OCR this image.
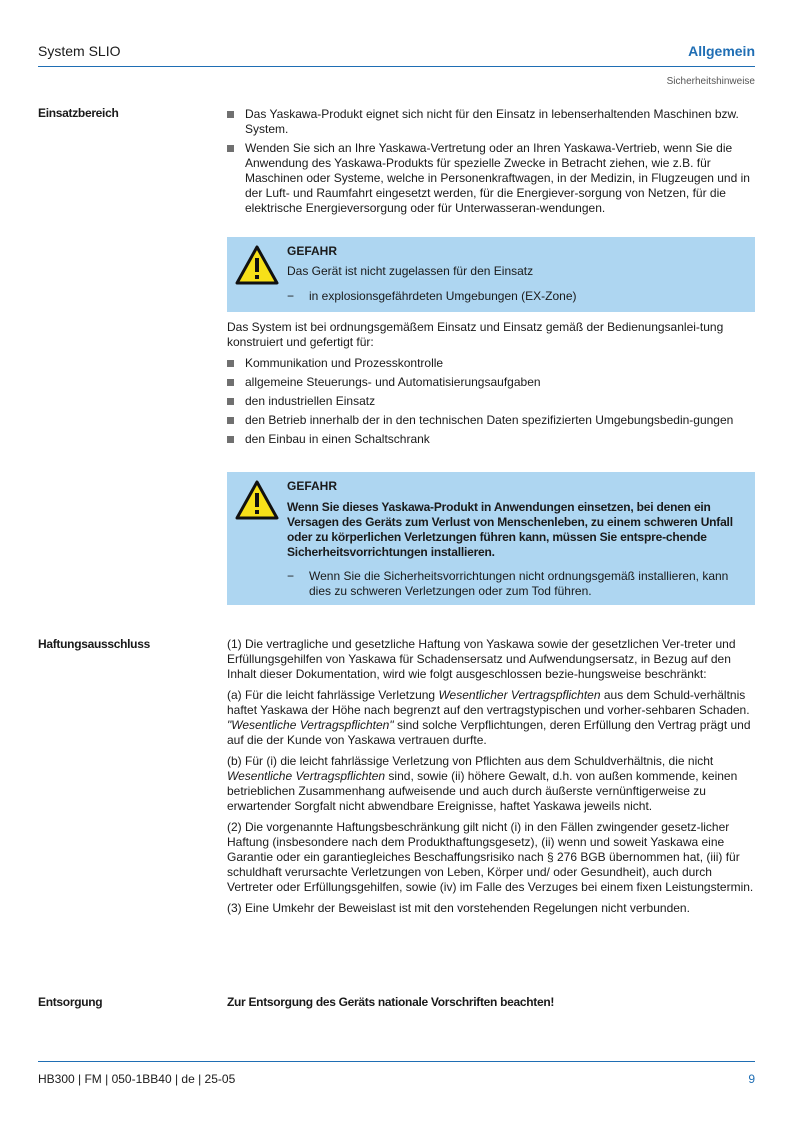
System SLIO	Allgemein
Sicherheitshinweise
Einsatzbereich	Das Yaskawa-Produkt eignet sich nicht für den Einsatz in lebenserhaltenden Maschinen bzw. System.
Wenden Sie sich an Ihre Yaskawa-Vertretung oder an Ihren Yaskawa-Vertrieb, wenn Sie die Anwendung des Yaskawa-Produkts für spezielle Zwecke in Betracht ziehen, wie z.B. für Maschinen oder Systeme, welche in Personenkraftwagen, in der Medizin, in Flugzeugen und in der Luft- und Raumfahrt eingesetzt werden, für die Energiever-sorgung von Netzen, für die elektrische Energieversorgung oder für Unterwasseran-wendungen.
GEFAHR
Das Gerät ist nicht zugelassen für den Einsatz
− in explosionsgefährdeten Umgebungen (EX-Zone)

Das System ist bei ordnungsgemäßem Einsatz und Einsatz gemäß der Bedienungsanlei-tung konstruiert und gefertigt für:

Kommunikation und Prozesskontrolle
allgemeine Steuerungs- und Automatisierungsaufgaben
den industriellen Einsatz
den Betrieb innerhalb der in den technischen Daten spezifizierten Umgebungsbedin-gungen
den Einbau in einen Schaltschrank
GEFAHR
Wenn Sie dieses Yaskawa-Produkt in Anwendungen einsetzen, bei denen ein Versagen des Geräts zum Verlust von Menschenleben, zu einem schweren Unfall oder zu körperlichen Verletzungen führen kann, müssen Sie entspre-chende Sicherheitsvorrichtungen installieren.
− Wenn Sie die Sicherheitsvorrichtungen nicht ordnungsgemäß installieren, kann dies zu schweren Verletzungen oder zum Tod führen.
Haftungsausschluss	(1) Die vertragliche und gesetzliche Haftung von Yaskawa sowie der gesetzlichen Ver-treter und Erfüllungsgehilfen von Yaskawa für Schadensersatz und Aufwendungsersatz, in Bezug auf den Inhalt dieser Dokumentation, wird wie folgt ausgeschlossen bezie-hungsweise beschränkt:

(a) Für die leicht fahrlässige Verletzung Wesentlicher Vertragspflichten aus dem Schuld-verhältnis haftet Yaskawa der Höhe nach begrenzt auf den vertragstypischen und vorher-sehbaren Schaden. "Wesentliche Vertragspflichten" sind solche Verpflichtungen, deren Erfüllung den Vertrag prägt und auf die der Kunde von Yaskawa vertrauen durfte.

(b) Für (i) die leicht fahrlässige Verletzung von Pflichten aus dem Schuldverhältnis, die nicht Wesentliche Vertragspflichten sind, sowie (ii) höhere Gewalt, d.h. von außen kommende, keinen betrieblichen Zusammenhang aufweisende und auch durch äußerste vernünftigerweise zu erwartender Sorgfalt nicht abwendbare Ereignisse, haftet Yaskawa jeweils nicht.

(2) Die vorgenannte Haftungsbeschränkung gilt nicht (i) in den Fällen zwingender gesetz-licher Haftung (insbesondere nach dem Produkthaftungsgesetz), (ii) wenn und soweit Yaskawa eine Garantie oder ein garantiegleiches Beschaffungsrisiko nach § 276 BGB übernommen hat, (iii) für schuldhaft verursachte Verletzungen von Leben, Körper und/ oder Gesundheit), auch durch Vertreter oder Erfüllungsgehilfen, sowie (iv) im Falle des Verzuges bei einem fixen Leistungstermin.

(3) Eine Umkehr der Beweislast ist mit den vorstehenden Regelungen nicht verbunden.

Entsorgung	Zur Entsorgung des Geräts nationale Vorschriften beachten!
HB300 | FM | 050-1BB40 | de | 25-05	9
